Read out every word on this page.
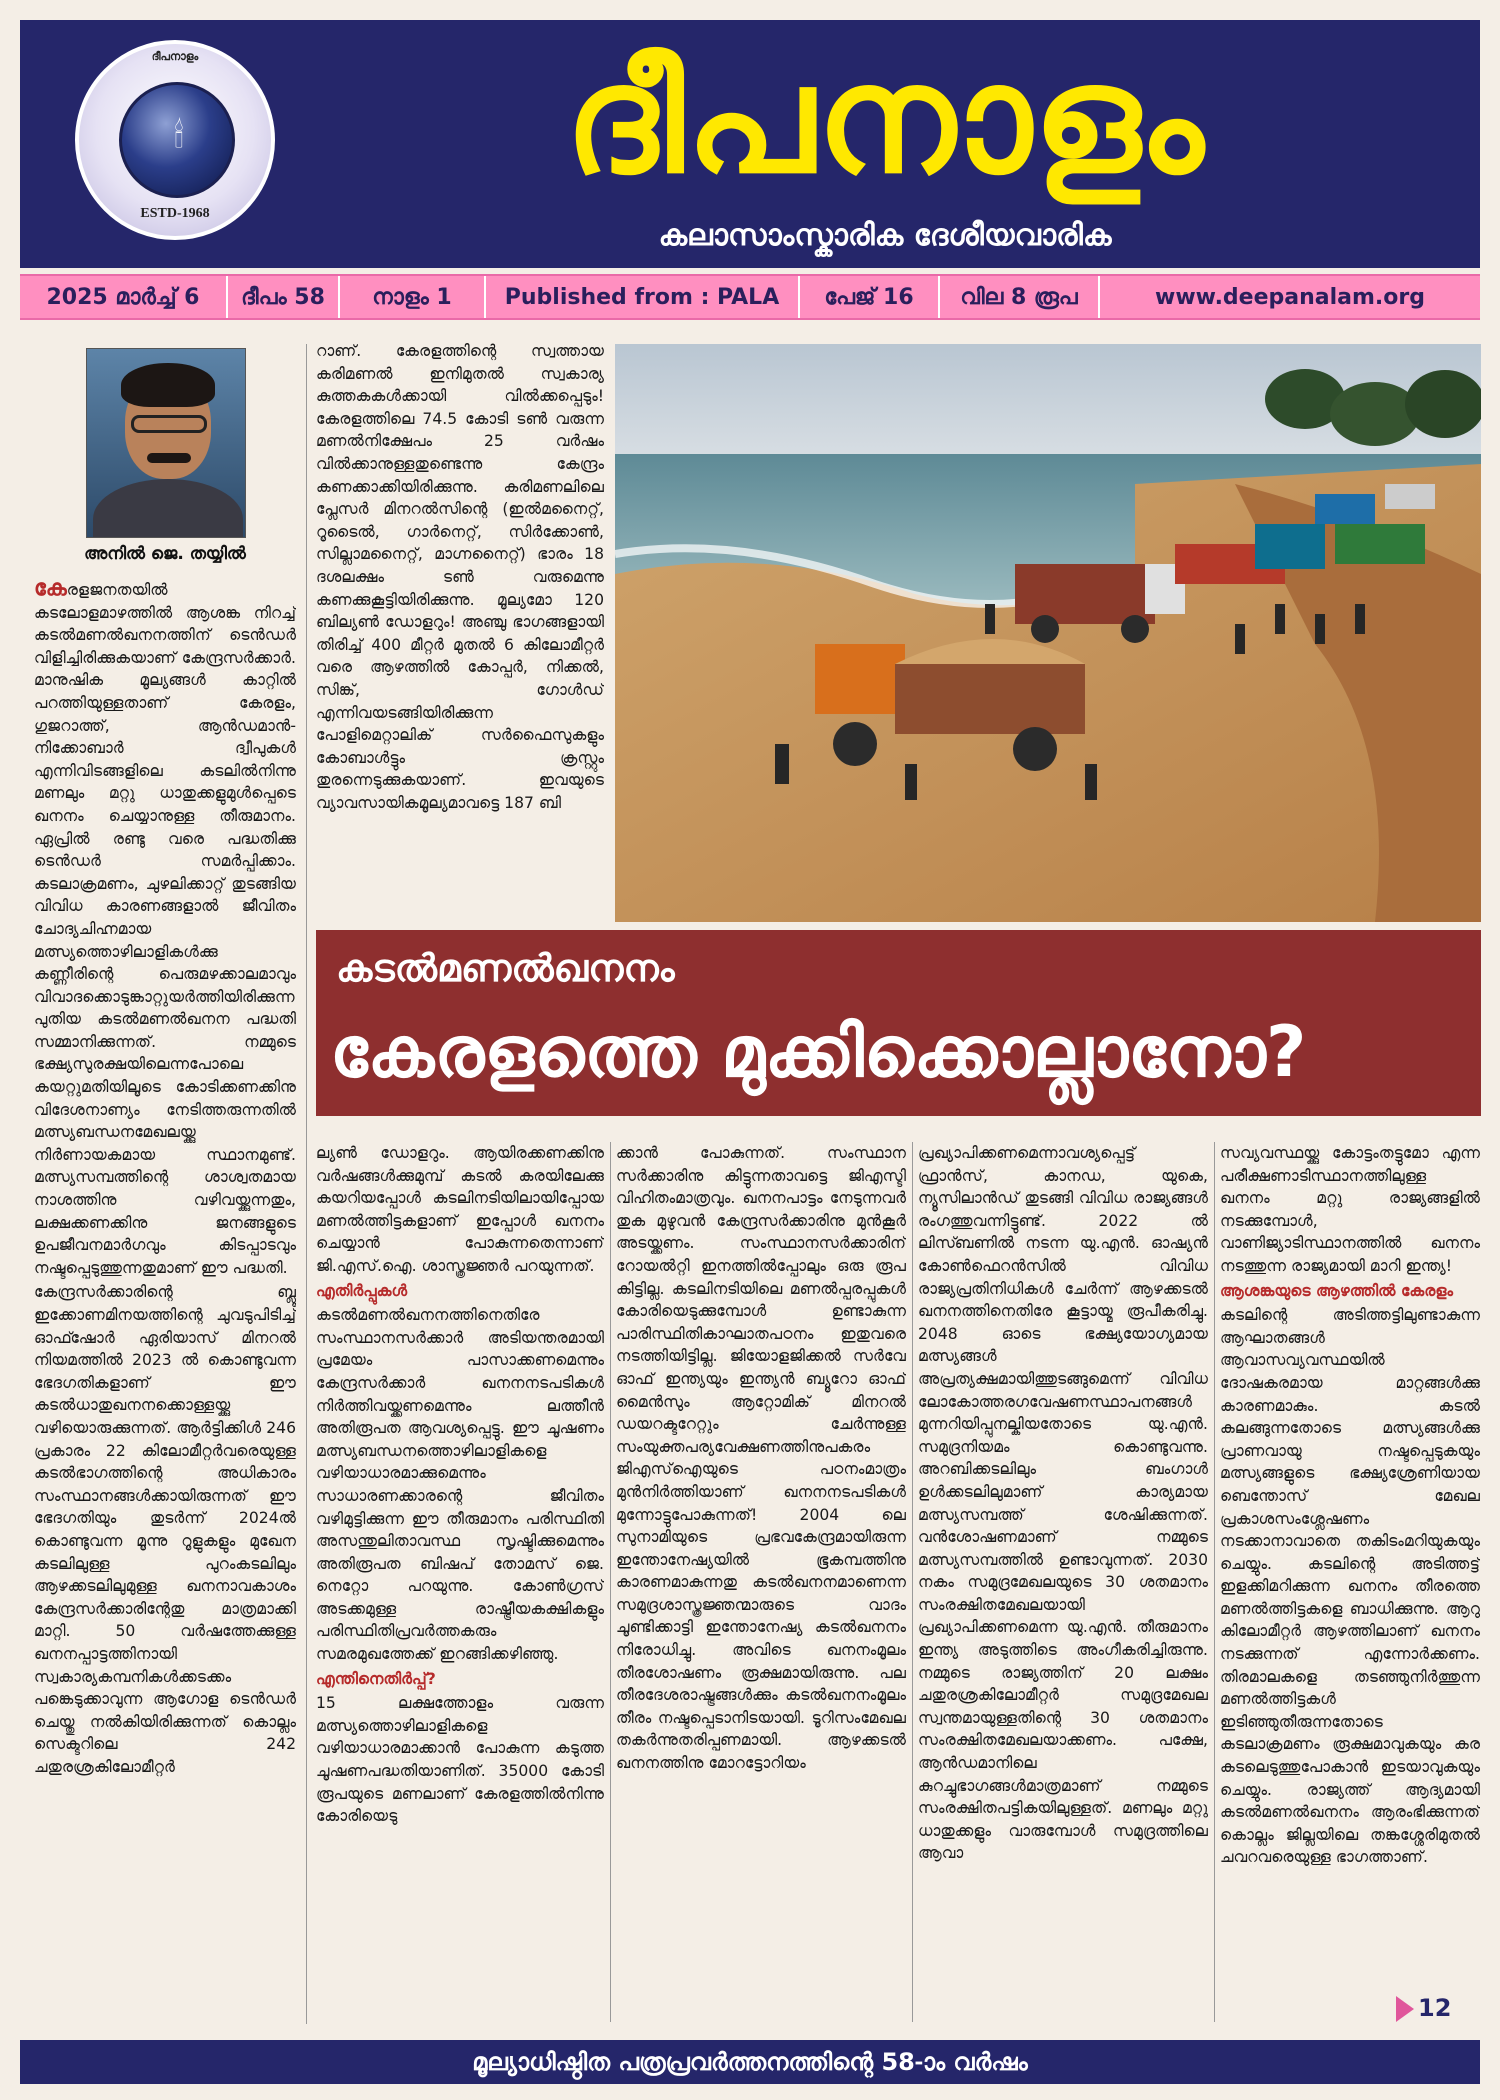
ദീപനാളം
🕯
ESTD-1968
ദീപനാളം
കലാസാംസ്കാരിക ദേശീയവാരിക
2025 മാർച്ച് 6	ദീപം 58	നാളം 1	Published from : PALA	പേജ് 16	വില 8 രൂപ	www.deepanalam.org
അനിൽ ജെ. തയ്യിൽ

കേരളജനതയിൽ കടലോളമാഴത്തിൽ ആശങ്ക നിറച്ച് കടൽമണൽഖനനത്തിന് ടെൻഡർ വിളിച്ചിരിക്കുകയാണ് കേന്ദ്രസർക്കാർ. മാനുഷിക മൂല്യങ്ങൾ കാറ്റിൽ പറത്തിയുള്ളതാണ് കേരളം, ഗുജറാത്ത്, ആൻഡമാൻ-നിക്കോബാർ ദ്വീപുകൾ എന്നിവിടങ്ങളിലെ കടലിൽനിന്നു മണലും മറ്റു ധാതുക്കളുമുൾപ്പെടെ ഖനനം ചെയ്യാനുള്ള തീരുമാനം. ഏപ്രിൽ രണ്ടു വരെ പദ്ധതിക്കു ടെൻഡർ സമർപ്പിക്കാം. കടലാക്രമണം, ചുഴലിക്കാറ്റ് തുടങ്ങിയ വിവിധ കാരണങ്ങളാൽ ജീവിതം ചോദ്യചിഹ്നമായ മത്സ്യത്തൊഴിലാളികൾക്കു കണ്ണീരിന്റെ പെരുമഴക്കാലമാവും വിവാദക്കൊടുങ്കാറ്റുയർത്തിയിരിക്കുന്ന പുതിയ കടൽമണൽഖനന പദ്ധതി സമ്മാനിക്കുന്നത്. നമ്മുടെ ഭക്ഷ്യസുരക്ഷയിലെന്നപോലെ കയറ്റുമതിയിലൂടെ കോടിക്കണക്കിനു വിദേശനാണ്യം നേടിത്തരുന്നതിൽ മത്സ്യബന്ധനമേഖലയ്ക്കു നിർണായകമായ സ്ഥാനമുണ്ട്. മത്സ്യസമ്പത്തിന്റെ ശാശ്വതമായ നാശത്തിനു വഴിവയ്ക്കുന്നതും, ലക്ഷക്കണക്കിനു ജനങ്ങളുടെ ഉപജീവനമാർഗവും കിടപ്പാടവും നഷ്ടപ്പെടുത്തുന്നതുമാണ് ഈ പദ്ധതി.

കേന്ദ്രസർക്കാരിന്റെ ബ്ലൂ ഇക്കോണമിനയത്തിന്റെ ചുവടുപിടിച്ച് ഓഫ്ഷോർ ഏരിയാസ് മിനറൽ നിയമത്തിൽ 2023 ൽ കൊണ്ടുവന്ന ഭേദഗതികളാണ് ഈ കടൽധാതുഖനനക്കൊള്ളയ്ക്കു വഴിയൊരുക്കുന്നത്. ആർട്ടിക്കിൾ 246 പ്രകാരം 22 കിലോമീറ്റർവരെയുള്ള കടൽഭാഗത്തിന്റെ അധികാരം സംസ്ഥാനങ്ങൾക്കായിരുന്നത് ഈ ഭേദഗതിയും തുടർന്ന് 2024ൽ കൊണ്ടുവന്ന മൂന്നു റൂളുകളും മുഖേന കടലിലുള്ള പുറംകടലിലും ആഴക്കടലിലുമുള്ള ഖനനാവകാശം കേന്ദ്രസർക്കാരിന്റേതു മാത്രമാക്കി മാറ്റി. 50 വർഷത്തേക്കുള്ള ഖനനപ്പാട്ടത്തിനായി സ്വകാര്യകമ്പനികൾക്കടക്കം പങ്കെടുക്കാവുന്ന ആഗോള ടെൻഡർ ചെയ്തു നൽകിയിരിക്കുന്നത് കൊല്ലം സെക്ടറിലെ 242 ചതുരശ്രകിലോമീറ്റർ

റാണ്. കേരളത്തിന്റെ സ്വത്തായ കരിമണൽ ഇനിമുതൽ സ്വകാര്യ കുത്തകകൾക്കായി വിൽക്കപ്പെടും! കേരളത്തിലെ 74.5 കോടി ടൺ വരുന്ന മണൽനിക്ഷേപം 25 വർഷം വിൽക്കാനുള്ളതുണ്ടെന്നു കേന്ദ്രം കണക്കാക്കിയിരിക്കുന്നു. കരിമണലിലെ പ്ലേസർ മിനറൽസിന്റെ (ഇൽമനൈറ്റ്, റൂടൈൽ, ഗാർനെറ്റ്, സിർക്കോൺ, സില്ലാമനൈറ്റ്, മാഗ്നനൈറ്റ്) ഭാരം 18 ദശലക്ഷം ടൺ വരുമെന്നു കണക്കുകൂട്ടിയിരിക്കുന്നു. മൂല്യമോ 120 ബില്യൺ ഡോളറും! അഞ്ചു ഭാഗങ്ങളായി തിരിച്ച് 400 മീറ്റർ മുതൽ 6 കിലോമീറ്റർ വരെ ആഴത്തിൽ കോപ്പർ, നിക്കൽ, സിങ്ക്, ഗോൾഡ് എന്നിവയടങ്ങിയിരിക്കുന്ന പോളിമെറ്റാലിക് സർഫൈസുകളും കോബാൾട്ടും ക്രസ്റ്റും തുരന്നെടുക്കുകയാണ്. ഇവയുടെ വ്യാവസായികമൂല്യമാവട്ടെ 187 ബി

കടൽമണൽഖനനം
കേരളത്തെ മുക്കിക്കൊല്ലാനോ?

ല്യൺ ഡോളറും. ആയിരക്കണക്കിനു വർഷങ്ങൾക്കുമുമ്പ് കടൽ കരയിലേക്കു കയറിയപ്പോൾ കടലിനടിയിലായിപ്പോയ മണൽത്തിട്ടകളാണ് ഇപ്പോൾ ഖനനം ചെയ്യാൻ പോകുന്നതെന്നാണ് ജി.എസ്.ഐ. ശാസ്ത്രജ്ഞർ പറയുന്നത്.

എതിർപ്പുകൾ

കടൽമണൽഖനനത്തിനെതിരേ സംസ്ഥാനസർക്കാർ അടിയന്തരമായി പ്രമേയം പാസാക്കണമെന്നും കേന്ദ്രസർക്കാർ ഖനനനടപടികൾ നിർത്തിവയ്ക്കണമെന്നും ലത്തീൻ അതിരൂപത ആവശ്യപ്പെട്ടു. ഈ ചൂഷണം മത്സ്യബന്ധനത്തൊഴിലാളികളെ വഴിയാധാരമാക്കുമെന്നും സാധാരണക്കാരന്റെ ജീവിതം വഴിമുട്ടിക്കുന്ന ഈ തീരുമാനം പരിസ്ഥിതി അസന്തുലിതാവസ്ഥ സൃഷ്ടിക്കുമെന്നും അതിരൂപത ബിഷപ് തോമസ് ജെ. നെറ്റോ പറയുന്നു. കോൺഗ്രസ് അടക്കമുള്ള രാഷ്ട്രീയകക്ഷികളും പരിസ്ഥിതിപ്രവർത്തകരും സമരമുഖത്തേക്ക് ഇറങ്ങിക്കഴിഞ്ഞു.

എന്തിനെതിർപ്പ്?

15 ലക്ഷത്തോളം വരുന്ന മത്സ്യത്തൊഴിലാളികളെ വഴിയാധാരമാക്കാൻ പോകുന്ന കടുത്ത ചൂഷണപദ്ധതിയാണിത്. 35000 കോടി രൂപയുടെ മണലാണ് കേരളത്തിൽനിന്നു കോരിയെടു

ക്കാൻ പോകുന്നത്. സംസ്ഥാന സർക്കാരിനു കിട്ടുന്നതാവട്ടെ ജിഎസ്ടി വിഹിതംമാത്രവും. ഖനനപാട്ടം നേടുന്നവർ തുക മുഴുവൻ കേന്ദ്രസർക്കാരിനു മുൻകൂർ അടയ്ക്കണം. സംസ്ഥാനസർക്കാരിന് റോയൽറ്റി ഇനത്തിൽപ്പോലും ഒരു രൂപ കിട്ടില്ല. കടലിനടിയിലെ മണൽപ്പരപ്പുകൾ കോരിയെടുക്കുമ്പോൾ ഉണ്ടാകുന്ന പാരിസ്ഥിതികാഘാതപഠനം ഇതുവരെ നടത്തിയിട്ടില്ല. ജിയോളജിക്കൽ സർവേ ഓഫ് ഇന്ത്യയും ഇന്ത്യൻ ബ്യൂറോ ഓഫ് മൈൻസും ആറ്റോമിക് മിനറൽ ഡയറക്ടറേറ്റും ചേർന്നുള്ള സംയുക്തപര്യവേക്ഷണത്തിനുപകരം ജിഎസ്ഐയുടെ പഠനംമാത്രം മുൻനിർത്തിയാണ് ഖനനനടപടികൾ മുന്നോട്ടുപോകുന്നത്! 2004 ലെ സുനാമിയുടെ പ്രഭവകേന്ദ്രമായിരുന്ന ഇന്തോനേഷ്യയിൽ ഭൂകമ്പത്തിനു കാരണമാകുന്നതു കടൽഖനനമാണെന്ന സമുദ്രശാസ്ത്രജ്ഞന്മാരുടെ വാദം ചൂണ്ടിക്കാട്ടി ഇന്തോനേഷ്യ കടൽഖനനം നിരോധിച്ചു. അവിടെ ഖനനംമൂലം തീരശോഷണം രൂക്ഷമായിരുന്നു. പല തീരദേശരാഷ്ട്രങ്ങൾക്കും കടൽഖനനംമൂലം തീരം നഷ്ടപ്പെടാനിടയായി. ടൂറിസംമേഖല തകർന്നുതരിപ്പണമായി. ആഴക്കടൽ ഖനനത്തിനു മോറട്ടോറിയം

പ്രഖ്യാപിക്കണമെന്നാവശ്യപ്പെട്ട് ഫ്രാൻസ്, കാനഡ, യുകെ, ന്യൂസിലാൻഡ് തുടങ്ങി വിവിധ രാജ്യങ്ങൾ രംഗത്തുവന്നിട്ടുണ്ട്. 2022 ൽ ലിസ്ബണിൽ നടന്ന യു.എൻ. ഓഷ്യൻ കോൺഫെറൻസിൽ വിവിധ രാജ്യപ്രതിനിധികൾ ചേർന്ന് ആഴക്കടൽ ഖനനത്തിനെതിരേ കൂട്ടായ്മ രൂപീകരിച്ചു. 2048 ഓടെ ഭക്ഷ്യയോഗ്യമായ മത്സ്യങ്ങൾ അപ്രത്യക്ഷമായിത്തുടങ്ങുമെന്ന് വിവിധ ലോകോത്തരഗവേഷണസ്ഥാപനങ്ങൾ മുന്നറിയിപ്പുനല്കിയതോടെ യു.എൻ. സമുദ്രനിയമം കൊണ്ടുവന്നു. അറബിക്കടലിലും ബംഗാൾ ഉൾക്കടലിലുമാണ് കാര്യമായ മത്സ്യസമ്പത്ത് ശേഷിക്കുന്നത്. വൻശോഷണമാണ് നമ്മുടെ മത്സ്യസമ്പത്തിൽ ഉണ്ടാവുന്നത്. 2030 നകം സമുദ്രമേഖലയുടെ 30 ശതമാനം സംരക്ഷിതമേഖലയായി പ്രഖ്യാപിക്കണമെന്ന യു.എൻ. തീരുമാനം ഇന്ത്യ അടുത്തിടെ അംഗീകരിച്ചിരുന്നു. നമ്മുടെ രാജ്യത്തിന് 20 ലക്ഷം ചതുരശ്രകിലോമീറ്റർ സമുദ്രമേഖല സ്വന്തമായുള്ളതിന്റെ 30 ശതമാനം സംരക്ഷിതമേഖലയാക്കണം. പക്ഷേ, ആൻഡമാനിലെ കുറച്ചുഭാഗങ്ങൾമാത്രമാണ് നമ്മുടെ സംരക്ഷിതപട്ടികയിലുള്ളത്. മണലും മറ്റു ധാതുക്കളും വാരുമ്പോൾ സമുദ്രത്തിലെ ആവാ

സവ്യവസ്ഥയ്ക്കു കോട്ടംതട്ടുമോ എന്ന പരീക്ഷണാടിസ്ഥാനത്തിലുള്ള ഖനനം മറ്റു രാജ്യങ്ങളിൽ നടക്കുമ്പോൾ, വാണിജ്യാടിസ്ഥാനത്തിൽ ഖനനം നടത്തുന്ന രാജ്യമായി മാറി ഇന്ത്യ!

ആശങ്കയുടെ ആഴത്തിൽ കേരളം

കടലിന്റെ അടിത്തട്ടിലുണ്ടാകുന്ന ആഘാതങ്ങൾ ആവാസവ്യവസ്ഥയിൽ ദോഷകരമായ മാറ്റങ്ങൾക്കു കാരണമാകും. കടൽ കലങ്ങുന്നതോടെ മത്സ്യങ്ങൾക്കു പ്രാണവായു നഷ്ടപ്പെടുകയും മത്സ്യങ്ങളുടെ ഭക്ഷ്യശ്രേണിയായ ബെന്തോസ് മേഖല പ്രകാശസംശ്ലേഷണം നടക്കാനാവാതെ തകിടംമറിയുകയും ചെയ്യും. കടലിന്റെ അടിത്തട്ട് ഇളക്കിമറിക്കുന്ന ഖനനം തീരത്തെ മണൽത്തിട്ടകളെ ബാധിക്കുന്നു. ആറു കിലോമീറ്റർ ആഴത്തിലാണ് ഖനനം നടക്കുന്നത് എന്നോർക്കണം. തിരമാലകളെ തടഞ്ഞുനിർത്തുന്ന മണൽത്തിട്ടകൾ ഇടിഞ്ഞുതീരുന്നതോടെ കടലാക്രമണം രൂക്ഷമാവുകയും കര കടലെടുത്തുപോകാൻ ഇടയാവുകയും ചെയ്യും. രാജ്യത്ത് ആദ്യമായി കടൽമണൽഖനനം ആരംഭിക്കുന്നത് കൊല്ലം ജില്ലയിലെ തങ്കശ്ശേരിമുതൽ ചവറവരെയുള്ള ഭാഗത്താണ്.

12
മൂല്യാധിഷ്ഠിത പത്രപ്രവർത്തനത്തിന്റെ 58-ാം വർഷം
